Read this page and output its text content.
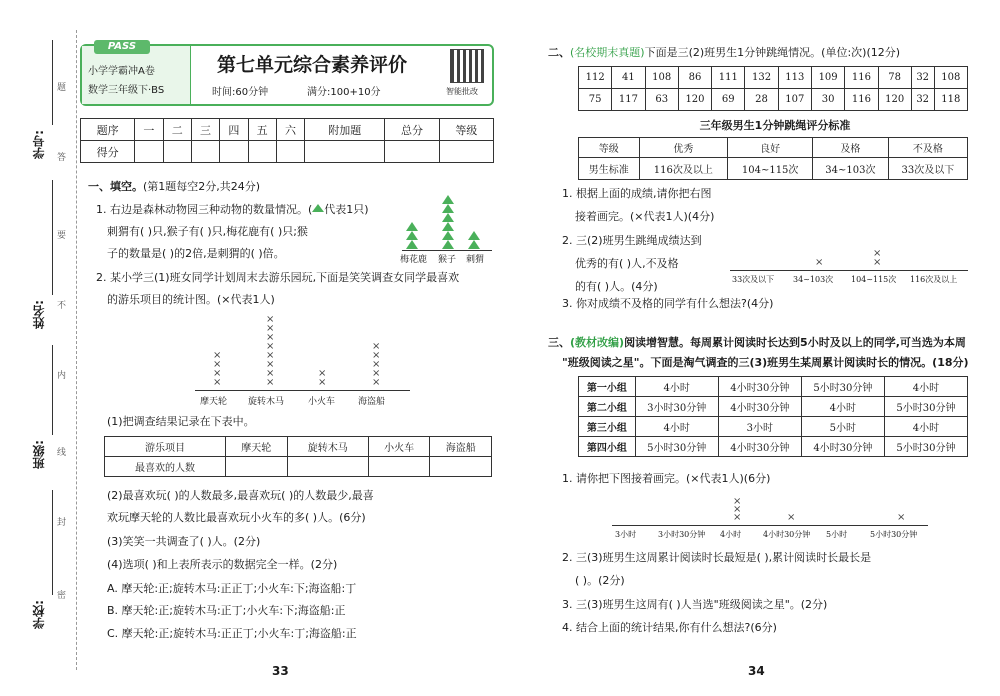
学号:
姓名:
班级:
学校:
题
答
要
不
内
线
封
密
PASS
小学学霸冲A卷
数学三年级下·BS
第七单元综合素养评价
时间:60分钟	满分:100+10分	智能批改
题序	一	二	三	四	五	六	附加题	总分	等级
得分									
一、填空。(第1题每空2分,共24分)
1. 右边是森林动物园三种动物的数量情况。( 代表1只)
刺猬有( )只,猴子有( )只,梅花鹿有( )只;猴
子的数量是( )的2倍,是刺猬的( )倍。	梅花鹿 猴子 刺猬
2. 某小学三(1)班女同学计划周末去游乐园玩,下面是笑笑调查女同学最喜欢
的游乐项目的统计图。(×代表1人)
×
×
×
×
×
×
×
×
×
×
×
×
×
×
×
×
×
×
×
摩天轮 旋转木马	小火车	海盗船
(1)把调查结果记录在下表中。
游乐项目	摩天轮	旋转木马	小火车	海盗船
最喜欢的人数				
(2)最喜欢玩( )的人数最多,最喜欢玩( )的人数最少,最喜
欢玩摩天轮的人数比最喜欢玩小火车的多( )人。(6分)
(3)笑笑一共调查了( )人。(2分)
(4)选项( )和上表所表示的数据完全一样。(2分)
A. 摩天轮:正;旋转木马:正正丁;小火车:下;海盗船:丁
B. 摩天轮:正;旋转木马:正丁;小火车:下;海盗船:正
C. 摩天轮:正;旋转木马:正正丁;小火车:丁;海盗船:正
33
二、(名校期末真题)下面是三(2)班男生1分钟跳绳情况。(单位:次)(12分)
112	41	108	86	111	132	113	109	116	78	32	108
75	117	63	120	69	28	107	30	116	120	32	118
三年级男生1分钟跳绳评分标准
等级	优秀	良好	及格	不及格
男生标准	116次及以上	104~115次	34~103次	33次及以下
1. 根据上面的成绩,请你把右图
接着画完。(×代表1人)(4分)
2. 三(2)班男生跳绳成绩达到
优秀的有( )人,不及格
的有( )人。(4分)
3. 你对成绩不及格的同学有什么想法?(4分)
×	×
×
33次及以下 34~103次 104~115次 116次及以上
三、(教材改编)阅读增智慧。每周累计阅读时长达到5小时及以上的同学,可当选为本周
"班级阅读之星"。下面是淘气调查的三(3)班男生某周累计阅读时长的情况。(18分)
第一小组	4小时	4小时30分钟	5小时30分钟	4小时
第二小组	3小时30分钟	4小时30分钟	4小时	5小时30分钟
第三小组	4小时	3小时	5小时	4小时
第四小组	5小时30分钟	4小时30分钟	4小时30分钟	5小时30分钟
1. 请你把下图接着画完。(×代表1人)(6分)
×
×
×
×	×
3小时	3小时30分钟 4小时	4小时30分钟 5小时	5小时30分钟
2. 三(3)班男生这周累计阅读时长最短是( ),累计阅读时长最长是
( )。(2分)
3. 三(3)班男生这周有( )人当选"班级阅读之星"。(2分)
4. 结合上面的统计结果,你有什么想法?(6分)
34
